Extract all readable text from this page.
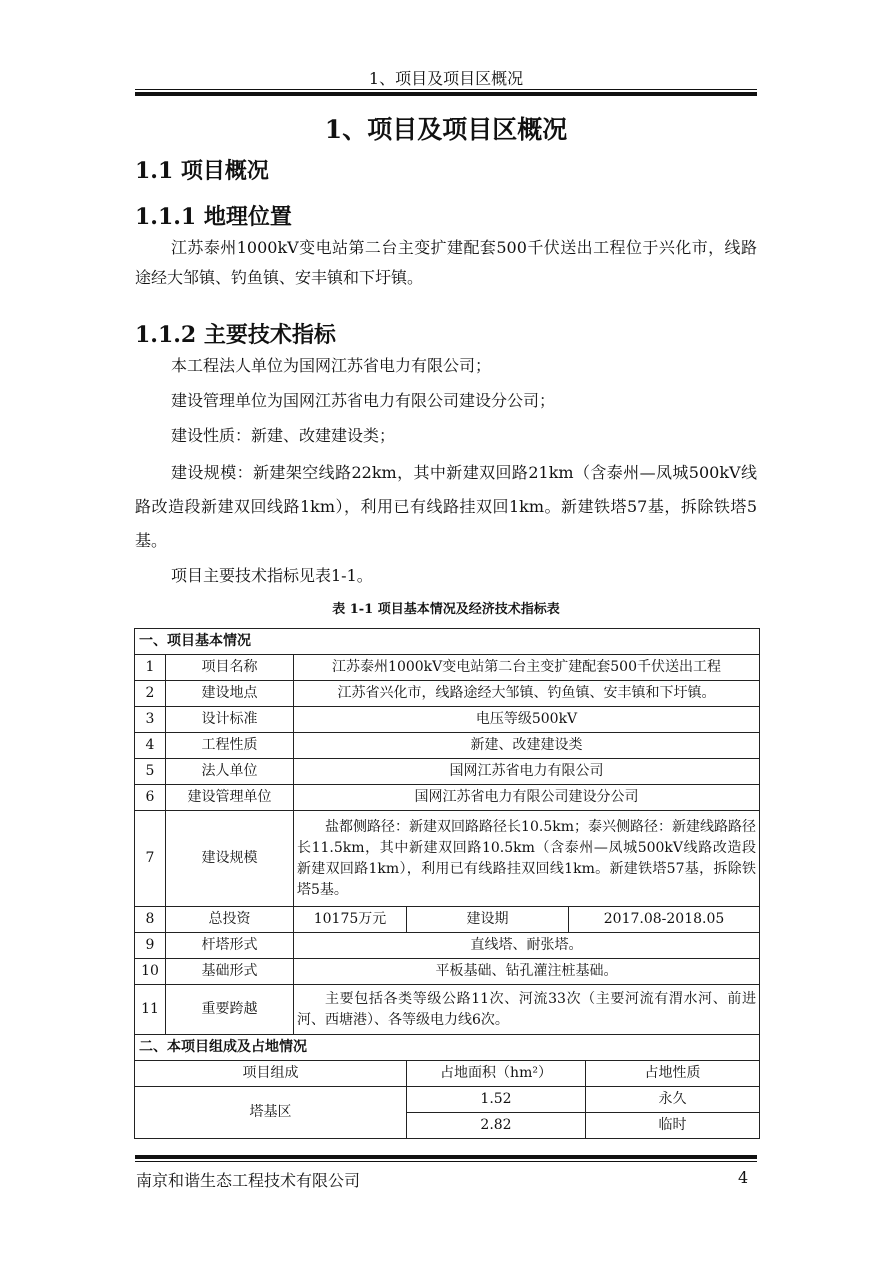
1、项目及项目区概况
1、项目及项目区概况
1.1 项目概况
1.1.1 地理位置
江苏泰州1000kV变电站第二台主变扩建配套500千伏送出工程位于兴化市，线路途经大邹镇、钓鱼镇、安丰镇和下圩镇。
1.1.2 主要技术指标
本工程法人单位为国网江苏省电力有限公司；
建设管理单位为国网江苏省电力有限公司建设分公司；
建设性质：新建、改建建设类；
建设规模：新建架空线路22km，其中新建双回路21km（含泰州—凤城500kV线路改造段新建双回线路1km），利用已有线路挂双回1km。新建铁塔57基，拆除铁塔5基。
项目主要技术指标见表1-1。
表 1-1 项目基本情况及经济技术指标表
一、项目基本情况					
1	项目名称	江苏泰州1000kV变电站第二台主变扩建配套500千伏送出工程			
2	建设地点	江苏省兴化市，线路途经大邹镇、钓鱼镇、安丰镇和下圩镇。			
3	设计标准	电压等级500kV			
4	工程性质	新建、改建建设类			
5	法人单位	国网江苏省电力有限公司			
6	建设管理单位	国网江苏省电力有限公司建设分公司			
7	建设规模	盐都侧路径：新建双回路路径长10.5km；泰兴侧路径：新建线路路径长11.5km，其中新建双回路10.5km（含泰州—凤城500kV线路改造段新建双回路1km），利用已有线路挂双回线1km。新建铁塔57基，拆除铁塔5基。			
8	总投资	10175万元	建设期	2017.08-2018.05	
9	杆塔形式	直线塔、耐张塔。			
10	基础形式	平板基础、钻孔灌注桩基础。			
11	重要跨越	主要包括各类等级公路11次、河流33次（主要河流有渭水河、前进河、西塘港）、各等级电力线6次。			
二、本项目组成及占地情况					
项目组成			占地面积（hm²）		占地性质
塔基区			1.52		永久
			2.82		临时
南京和谐生态工程技术有限公司	4
